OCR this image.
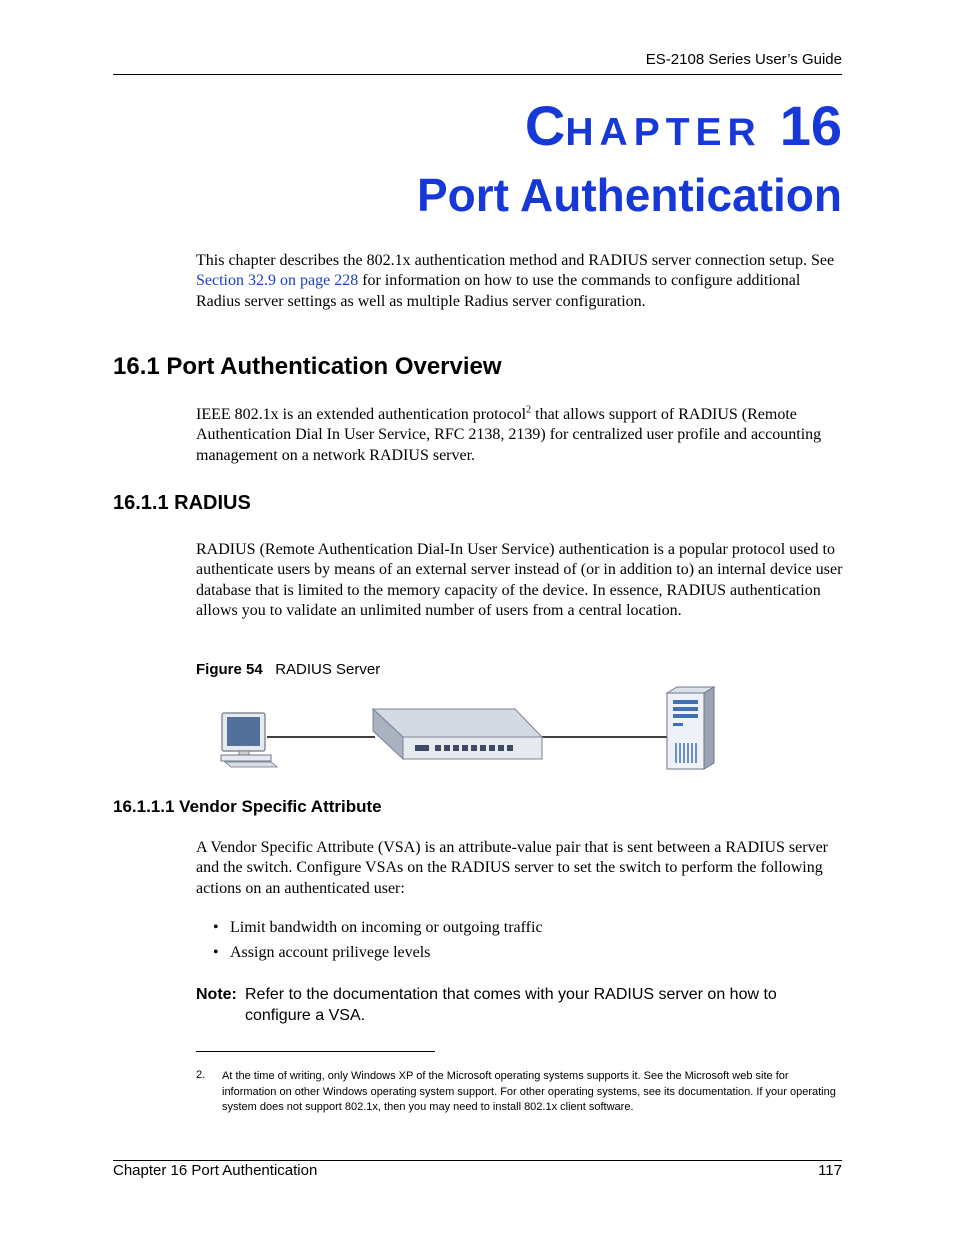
ES-2108 Series User’s Guide
CHAPTER 16
Port Authentication
This chapter describes the 802.1x authentication method and RADIUS server connection setup. See Section 32.9 on page 228 for information on how to use the commands to configure additional Radius server settings as well as multiple Radius server configuration.
16.1 Port Authentication Overview
IEEE 802.1x is an extended authentication protocol$^2$ that allows support of RADIUS (Remote Authentication Dial In User Service, RFC 2138, 2139) for centralized user profile and accounting management on a network RADIUS server.
16.1.1 RADIUS
RADIUS (Remote Authentication Dial-In User Service) authentication is a popular protocol used to authenticate users by means of an external server instead of (or in addition to) an internal device user database that is limited to the memory capacity of the device. In essence, RADIUS authentication allows you to validate an unlimited number of users from a central location.
Figure 54 RADIUS Server
16.1.1.1 Vendor Specific Attribute
A Vendor Specific Attribute (VSA) is an attribute-value pair that is sent between a RADIUS server and the switch. Configure VSAs on the RADIUS server to set the switch to perform the following actions on an authenticated user:
• Limit bandwidth on incoming or outgoing traffic
• Assign account prilivege levels
Note: Refer to the documentation that comes with your RADIUS server on how to configure a VSA.
2. At the time of writing, only Windows XP of the Microsoft operating systems supports it. See the Microsoft web site for information on other Windows operating system support. For other operating systems, see its documentation. If your operating system does not support 802.1x, then you may need to install 802.1x client software.
Chapter 16 Port Authentication	117
